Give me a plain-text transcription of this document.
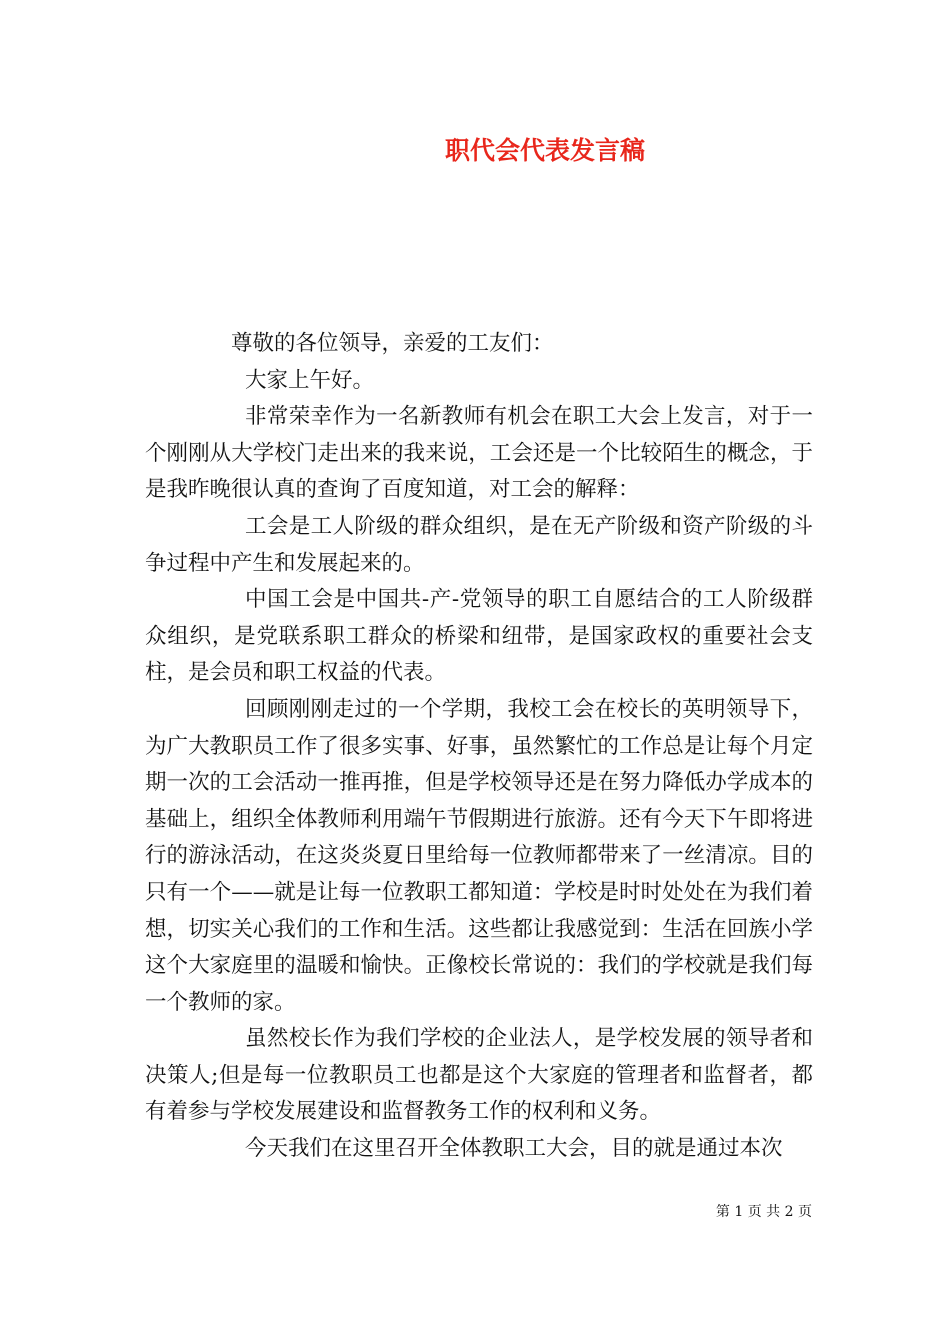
职代会代表发言稿

尊敬的各位领导，亲爱的工友们：

大家上午好。

非常荣幸作为一名新教师有机会在职工大会上发言，对于一个刚刚从大学校门走出来的我来说，工会还是一个比较陌生的概念，于是我昨晚很认真的查询了百度知道，对工会的解释：

工会是工人阶级的群众组织，是在无产阶级和资产阶级的斗争过程中产生和发展起来的。

中国工会是中国共-产-党领导的职工自愿结合的工人阶级群众组织，是党联系职工群众的桥梁和纽带，是国家政权的重要社会支柱，是会员和职工权益的代表。

回顾刚刚走过的一个学期，我校工会在校长的英明领导下，为广大教职员工作了很多实事、好事，虽然繁忙的工作总是让每个月定期一次的工会活动一推再推，但是学校领导还是在努力降低办学成本的基础上，组织全体教师利用端午节假期进行旅游。还有今天下午即将进行的游泳活动，在这炎炎夏日里给每一位教师都带来了一丝清凉。目的只有一个——就是让每一位教职工都知道：学校是时时处处在为我们着想，切实关心我们的工作和生活。这些都让我感觉到：生活在回族小学这个大家庭里的温暖和愉快。正像校长常说的：我们的学校就是我们每一个教师的家。

虽然校长作为我们学校的企业法人，是学校发展的领导者和决策人;但是每一位教职员工也都是这个大家庭的管理者和监督者，都有着参与学校发展建设和监督教务工作的权利和义务。

今天我们在这里召开全体教职工大会，目的就是通过本次

第 1 页 共 2 页
